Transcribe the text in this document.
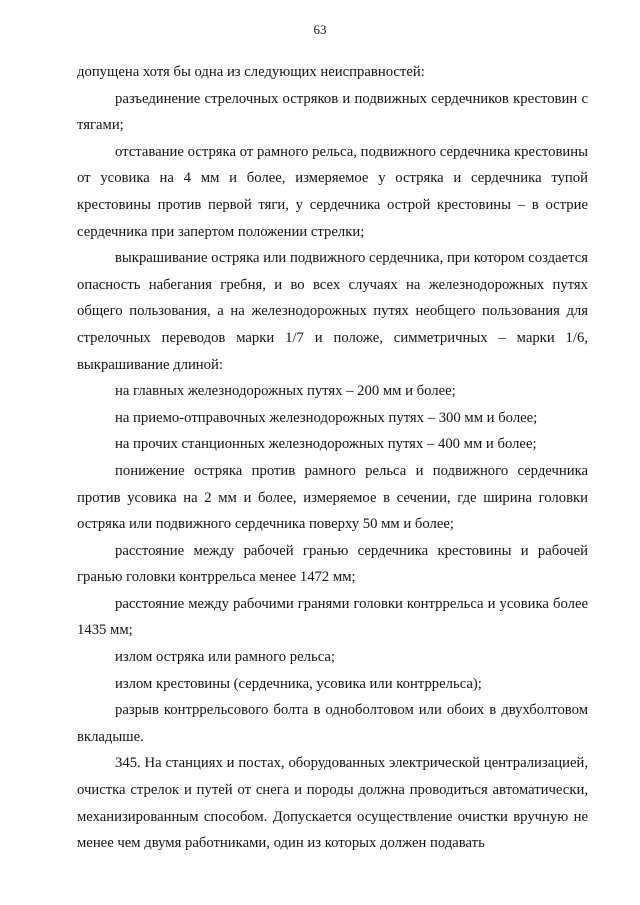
63

допущена хотя бы одна из следующих неисправностей:

разъединение стрелочных остряков и подвижных сердечников крестовин с тягами;

отставание остряка от рамного рельса, подвижного сердечника крестовины от усовика на 4 мм и более, измеряемое у остряка и сердечника тупой крестовины против первой тяги, у сердечника острой крестовины – в острие сердечника при запертом положении стрелки;

выкрашивание остряка или подвижного сердечника, при котором создается опасность набегания гребня, и во всех случаях на железнодорожных путях общего пользования, а на железнодорожных путях необщего пользования для стрелочных переводов марки 1/7 и положе, симметричных – марки 1/6, выкрашивание длиной:

на главных железнодорожных путях – 200 мм и более;

на приемо-отправочных железнодорожных путях – 300 мм и более;

на прочих станционных железнодорожных путях – 400 мм и более;

понижение остряка против рамного рельса и подвижного сердечника против усовика на 2 мм и более, измеряемое в сечении, где ширина головки остряка или подвижного сердечника поверху 50 мм и более;

расстояние между рабочей гранью сердечника крестовины и рабочей гранью головки контррельса менее 1472 мм;

расстояние между рабочими гранями головки контррельса и усовика более 1435 мм;

излом остряка или рамного рельса;

излом крестовины (сердечника, усовика или контррельса);

разрыв контррельсового болта в одноболтовом или обоих в двухболтовом вкладыше.

345. На станциях и постах, оборудованных электрической централизацией, очистка стрелок и путей от снега и породы должна проводиться автоматически, механизированным способом. Допускается осуществление очистки вручную не менее чем двумя работниками, один из которых должен подавать
